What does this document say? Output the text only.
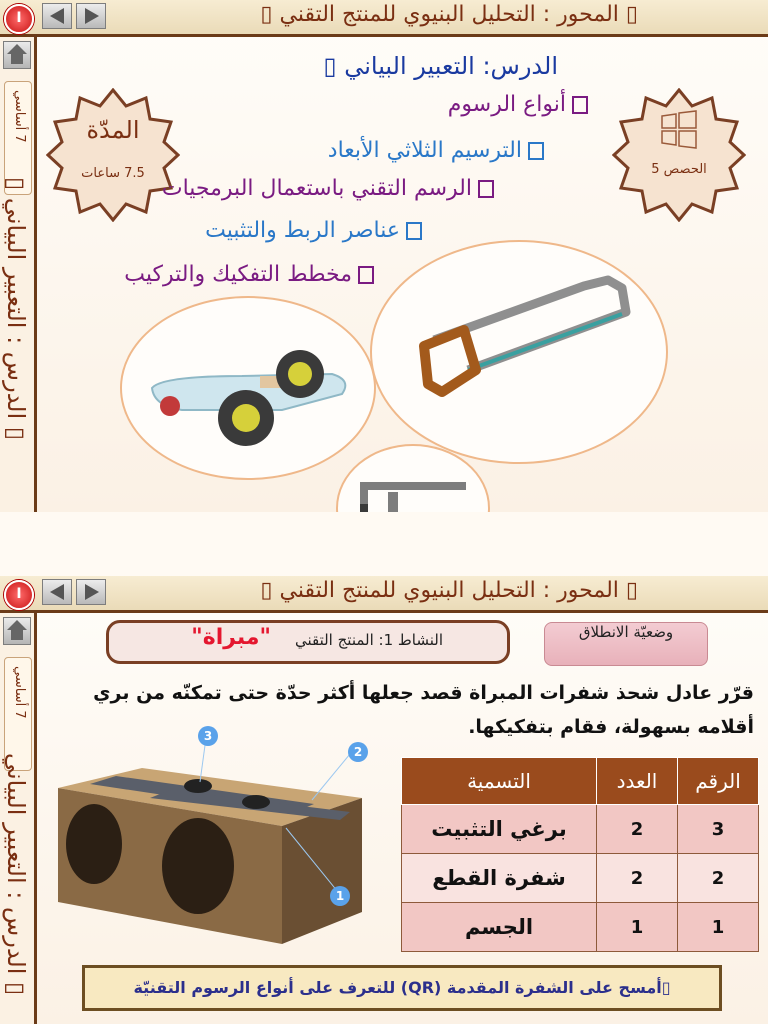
I	▯ المحور : التحليل البنيوي للمنتج التقني ▯
7 أساسي
▯ الدرس : التعبير البياني ▯
الدرس: التعبير البياني ▯
المدّة
7.5 ساعات	الحصص 5
أنواع الرسوم
الترسيم الثلاثي الأبعاد
الرسم التقني باستعمال البرمجيات
عناصر الربط والتثبيت
مخطط التفكيك والتركيب
I	▯ المحور : التحليل البنيوي للمنتج التقني ▯
7 أساسي
▯ الدرس : التعبير البياني
النشاط 1: المنتج التقني
"مبراة"	وضعيّة الانطلاق
قرّر عادل شحذ شفرات المبراة قصد جعلها أكثر حدّة حتى تمكنّه من بري أقلامه بسهولة، فقام بتفكيكها.
3
2
1
الرقم	العدد	التسمية
3	2	برغي التثبيت
2	2	شفرة القطع
1	1	الجسم
▯أمسح على الشفرة المقدمة (QR) للتعرف على أنواع الرسوم التقنيّة
